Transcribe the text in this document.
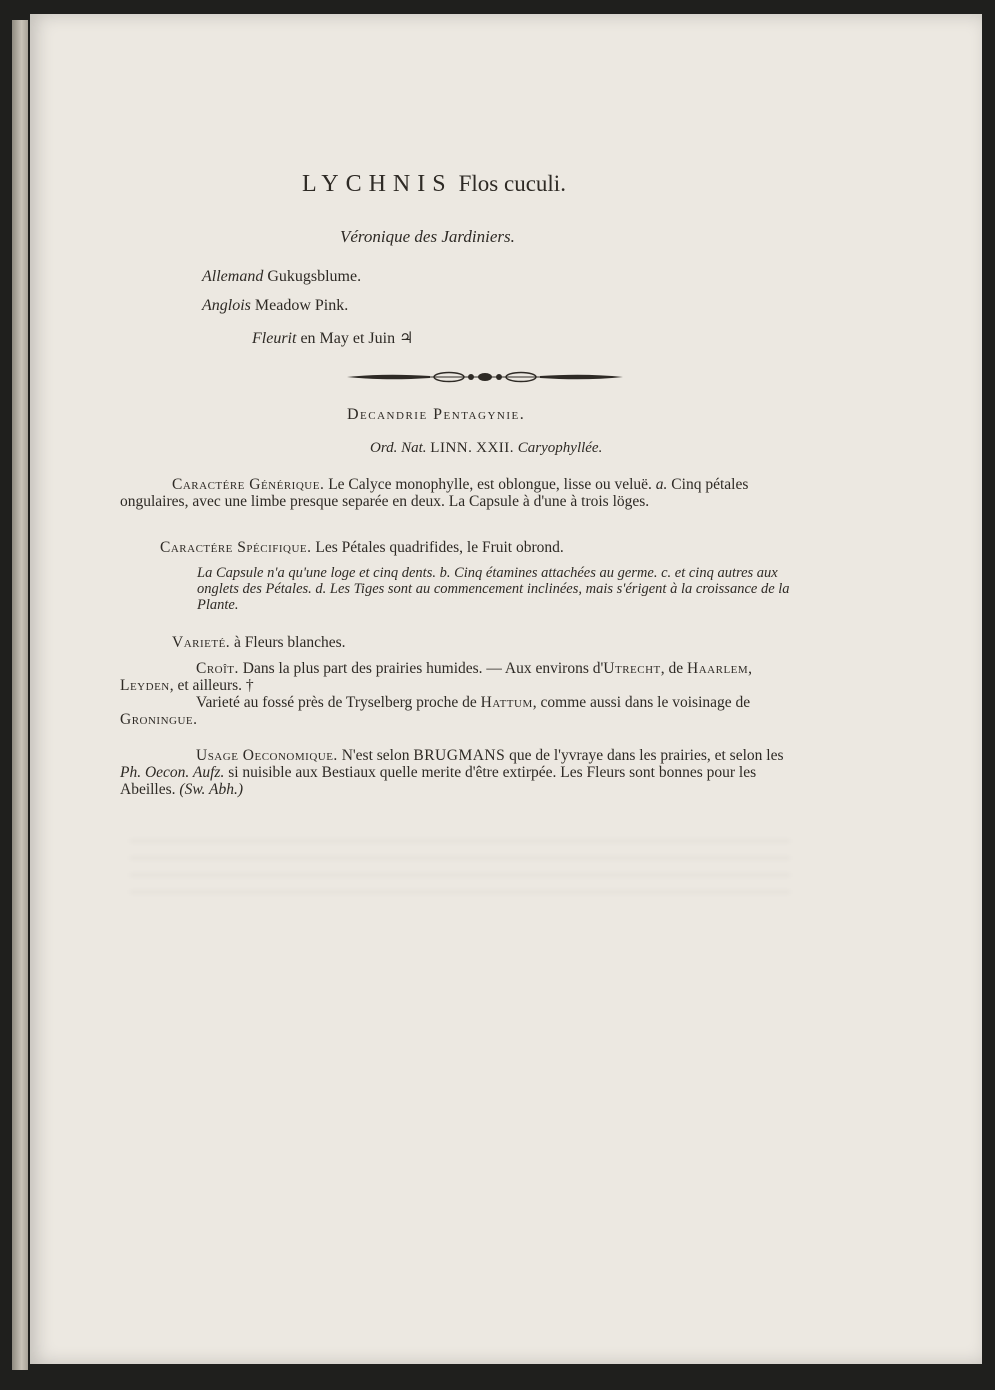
LYCHNIS Flos cuculi.
Véronique des Jardiniers.
Allemand Gukugsblume.
Anglois Meadow Pink.
Fleurit en May et Juin ♃
Decandrie Pentagynie.
Ord. Nat. LINN. XXII. Caryophyllée.
Caractére Générique. Le Calyce monophylle, est oblongue, lisse ou veluë. a. Cinq pétales ongulaires, avec une limbe presque separée en deux. La Capsule à d'une à trois löges.
Caractére Spécifique. Les Pétales quadrifides, le Fruit obrond.
La Capsule n'a qu'une loge et cinq dents. b. Cinq étamines attachées au germe. c. et cinq autres aux onglets des Pétales. d. Les Tiges sont au commencement inclinées, mais s'érigent à la croissance de la Plante.
Varieté. à Fleurs blanches.
Croît. Dans la plus part des prairies humides. — Aux environs d'Utrecht, de Haarlem, Leyden, et ailleurs. †
Varieté au fossé près de Tryselberg proche de Hattum, comme aussi dans le voisinage de Groningue.
Usage Oeconomique. N'est selon BRUGMANS que de l'yvraye dans les prairies, et selon les Ph. Oecon. Aufz. si nuisible aux Bestiaux quelle merite d'être extirpée. Les Fleurs sont bonnes pour les Abeilles. (Sw. Abh.)
